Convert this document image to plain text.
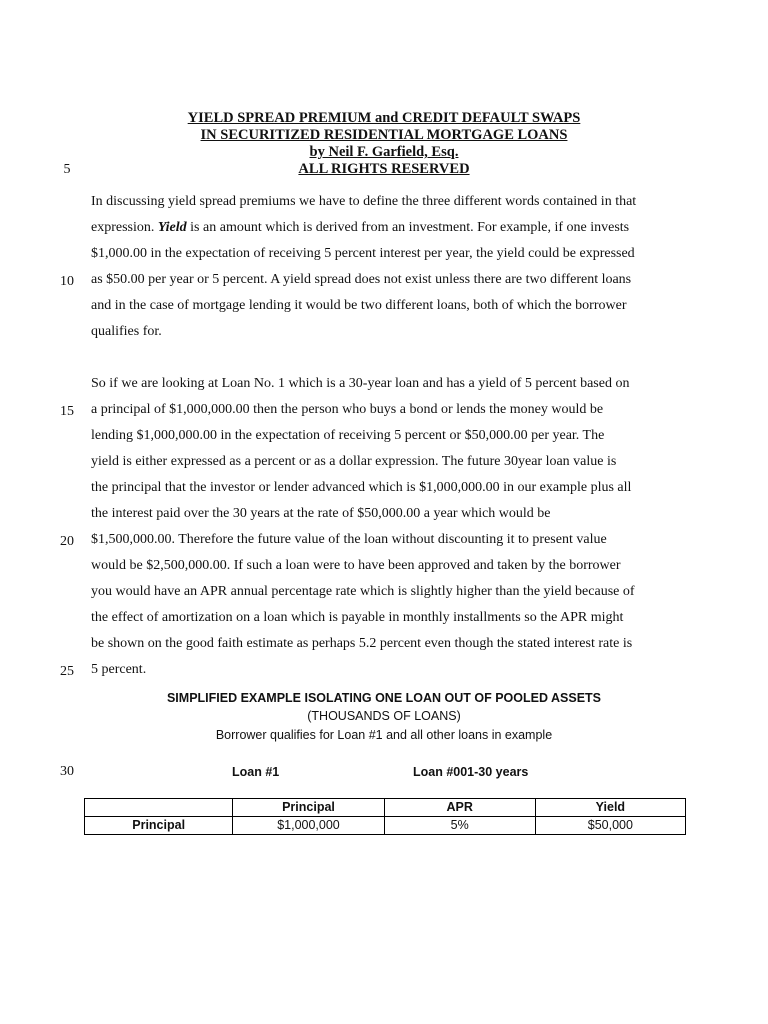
YIELD SPREAD PREMIUM and CREDIT DEFAULT SWAPS
IN SECURITIZED RESIDENTIAL MORTGAGE LOANS
by Neil F. Garfield, Esq.
ALL RIGHTS RESERVED
5
10
15
20
25
30
In discussing yield spread premiums we have to define the three different words contained in that
expression. Yield is an amount which is derived from an investment. For example, if one invests
$1,000.00 in the expectation of receiving 5 percent interest per year, the yield could be expressed
as $50.00 per year or 5 percent. A yield spread does not exist unless there are two different loans
and in the case of mortgage lending it would be two different loans, both of which the borrower
qualifies for.
So if we are looking at Loan No. 1 which is a 30-year loan and has a yield of 5 percent based on
a principal of $1,000,000.00 then the person who buys a bond or lends the money would be
lending $1,000,000.00 in the expectation of receiving 5 percent or $50,000.00 per year. The
yield is either expressed as a percent or as a dollar expression. The future 30year loan value is
the principal that the investor or lender advanced which is $1,000,000.00 in our example plus all
the interest paid over the 30 years at the rate of $50,000.00 a year which would be
$1,500,000.00. Therefore the future value of the loan without discounting it to present value
would be $2,500,000.00. If such a loan were to have been approved and taken by the borrower
you would have an APR annual percentage rate which is slightly higher than the yield because of
the effect of amortization on a loan which is payable in monthly installments so the APR might
be shown on the good faith estimate as perhaps 5.2 percent even though the stated interest rate is
5 percent.
SIMPLIFIED EXAMPLE ISOLATING ONE LOAN OUT OF POOLED ASSETS
(THOUSANDS OF LOANS)
Borrower qualifies for Loan #1 and all other loans in example
Loan #1	Loan #001-30 years
	Principal	APR	Yield
Principal	$1,000,000	5%	$50,000
